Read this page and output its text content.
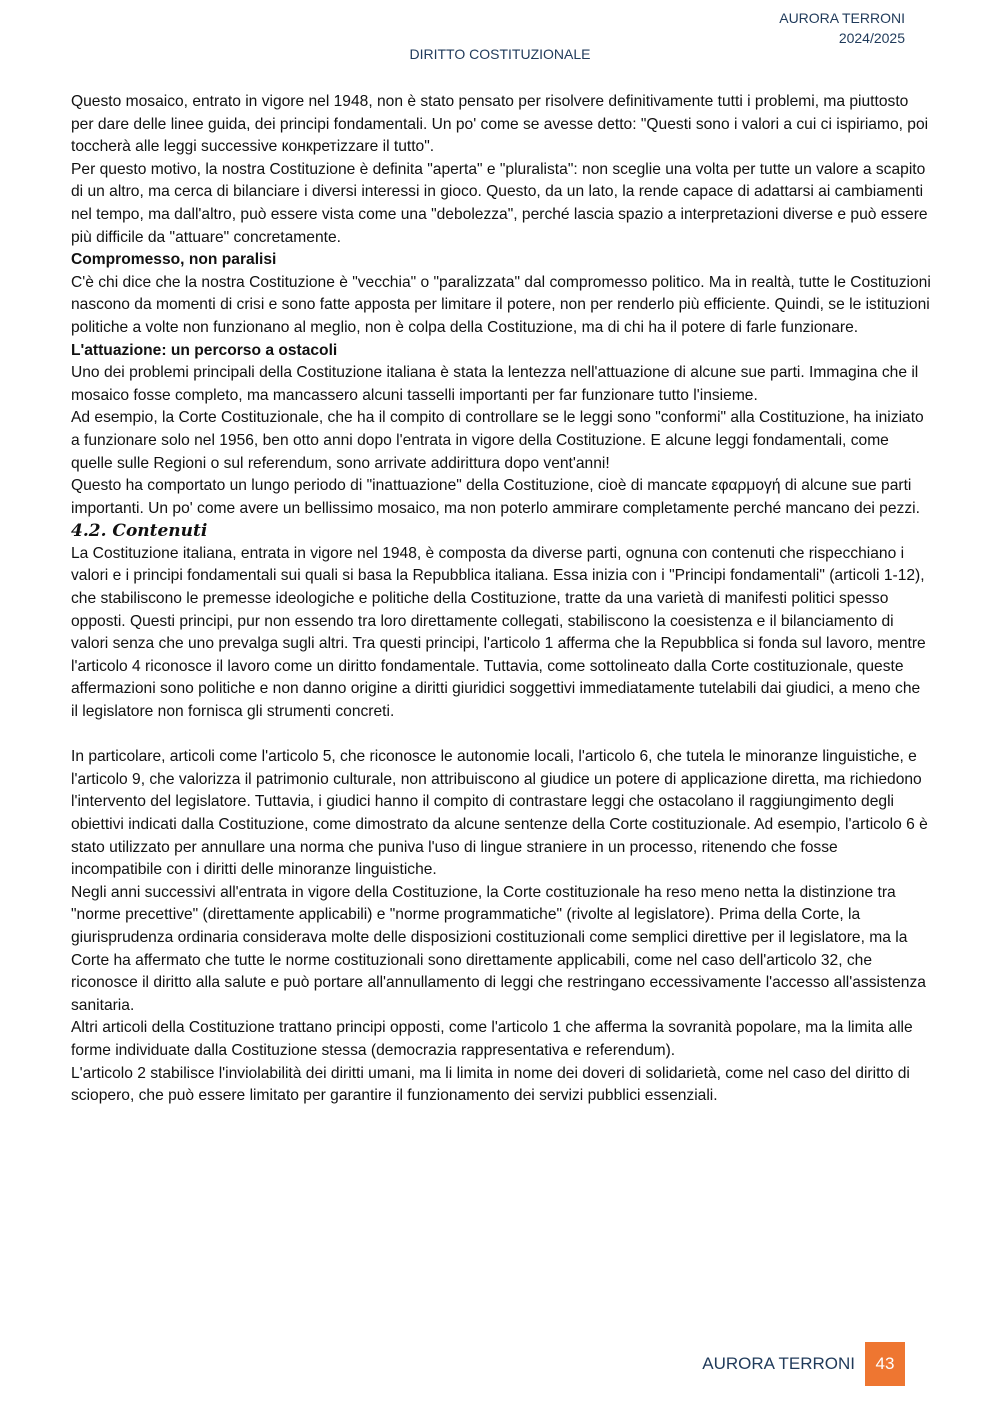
AURORA TERRONI
2024/2025
DIRITTO COSTITUZIONALE

Questo mosaico, entrato in vigore nel 1948, non è stato pensato per risolvere definitivamente tutti i problemi, ma piuttosto per dare delle linee guida, dei principi fondamentali. Un po' come se avesse detto: "Questi sono i valori a cui ci ispiriamo, poi toccherà alle leggi successive конкретizzare il tutto".

Per questo motivo, la nostra Costituzione è definita "aperta" e "pluralista": non sceglie una volta per tutte un valore a scapito di un altro, ma cerca di bilanciare i diversi interessi in gioco. Questo, da un lato, la rende capace di adattarsi ai cambiamenti nel tempo, ma dall'altro, può essere vista come una "debolezza", perché lascia spazio a interpretazioni diverse e può essere più difficile da "attuare" concretamente.

Compromesso, non paralisi

C'è chi dice che la nostra Costituzione è "vecchia" o "paralizzata" dal compromesso politico. Ma in realtà, tutte le Costituzioni nascono da momenti di crisi e sono fatte apposta per limitare il potere, non per renderlo più efficiente. Quindi, se le istituzioni politiche a volte non funzionano al meglio, non è colpa della Costituzione, ma di chi ha il potere di farle funzionare.

L'attuazione: un percorso a ostacoli

Uno dei problemi principali della Costituzione italiana è stata la lentezza nell'attuazione di alcune sue parti. Immagina che il mosaico fosse completo, ma mancassero alcuni tasselli importanti per far funzionare tutto l'insieme.

Ad esempio, la Corte Costituzionale, che ha il compito di controllare se le leggi sono "conformi" alla Costituzione, ha iniziato a funzionare solo nel 1956, ben otto anni dopo l'entrata in vigore della Costituzione. E alcune leggi fondamentali, come quelle sulle Regioni o sul referendum, sono arrivate addirittura dopo vent'anni!

Questo ha comportato un lungo periodo di "inattuazione" della Costituzione, cioè di mancate εφαρμογή di alcune sue parti importanti. Un po' come avere un bellissimo mosaico, ma non poterlo ammirare completamente perché mancano dei pezzi.

4.2. Contenuti

La Costituzione italiana, entrata in vigore nel 1948, è composta da diverse parti, ognuna con contenuti che rispecchiano i valori e i principi fondamentali sui quali si basa la Repubblica italiana. Essa inizia con i "Principi fondamentali" (articoli 1-12), che stabiliscono le premesse ideologiche e politiche della Costituzione, tratte da una varietà di manifesti politici spesso opposti. Questi principi, pur non essendo tra loro direttamente collegati, stabiliscono la coesistenza e il bilanciamento di valori senza che uno prevalga sugli altri. Tra questi principi, l'articolo 1 afferma che la Repubblica si fonda sul lavoro, mentre l'articolo 4 riconosce il lavoro come un diritto fondamentale. Tuttavia, come sottolineato dalla Corte costituzionale, queste affermazioni sono politiche e non danno origine a diritti giuridici soggettivi immediatamente tutelabili dai giudici, a meno che il legislatore non fornisca gli strumenti concreti.

In particolare, articoli come l'articolo 5, che riconosce le autonomie locali, l'articolo 6, che tutela le minoranze linguistiche, e l'articolo 9, che valorizza il patrimonio culturale, non attribuiscono al giudice un potere di applicazione diretta, ma richiedono l'intervento del legislatore. Tuttavia, i giudici hanno il compito di contrastare leggi che ostacolano il raggiungimento degli obiettivi indicati dalla Costituzione, come dimostrato da alcune sentenze della Corte costituzionale. Ad esempio, l'articolo 6 è stato utilizzato per annullare una norma che puniva l'uso di lingue straniere in un processo, ritenendo che fosse incompatibile con i diritti delle minoranze linguistiche.

Negli anni successivi all'entrata in vigore della Costituzione, la Corte costituzionale ha reso meno netta la distinzione tra "norme precettive" (direttamente applicabili) e "norme programmatiche" (rivolte al legislatore). Prima della Corte, la giurisprudenza ordinaria considerava molte delle disposizioni costituzionali come semplici direttive per il legislatore, ma la Corte ha affermato che tutte le norme costituzionali sono direttamente applicabili, come nel caso dell'articolo 32, che riconosce il diritto alla salute e può portare all'annullamento di leggi che restringano eccessivamente l'accesso all'assistenza sanitaria.

Altri articoli della Costituzione trattano principi opposti, come l'articolo 1 che afferma la sovranità popolare, ma la limita alle forme individuate dalla Costituzione stessa (democrazia rappresentativa e referendum).

L'articolo 2 stabilisce l'inviolabilità dei diritti umani, ma li limita in nome dei doveri di solidarietà, come nel caso del diritto di sciopero, che può essere limitato per garantire il funzionamento dei servizi pubblici essenziali.

AURORA TERRONI	43
